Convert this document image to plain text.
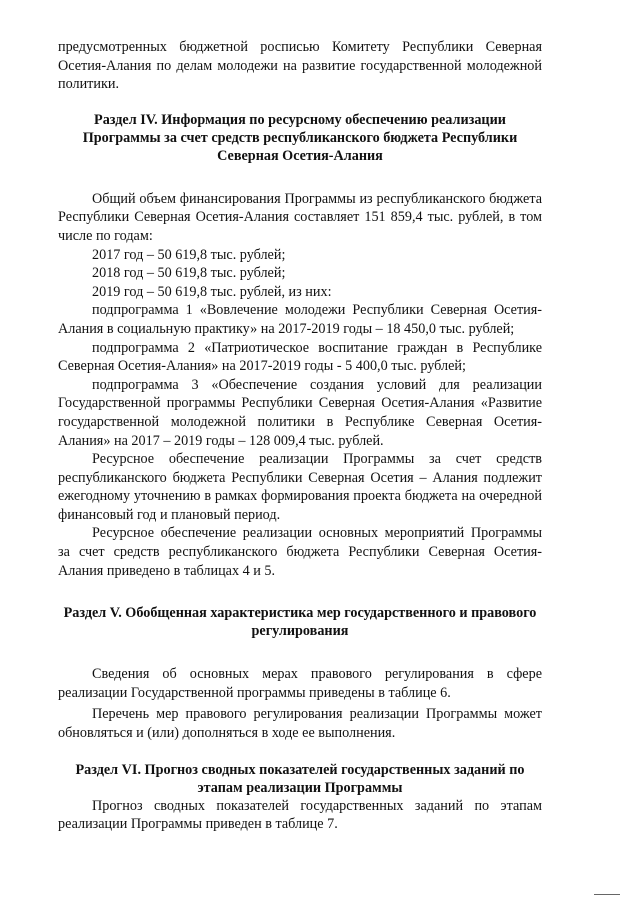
предусмотренных бюджетной росписью Комитету Республики Северная Осетия-Алания по делам молодежи на развитие государственной молодежной политики.

Раздел IV. Информация по ресурсному обеспечению реализации Программы за счет средств республиканского бюджета Республики Северная Осетия-Алания

Общий объем финансирования Программы из республиканского бюджета Республики Северная Осетия-Алания составляет 151 859,4 тыс. рублей, в том числе по годам:

2017 год – 50 619,8 тыс. рублей;

2018 год – 50 619,8 тыс. рублей;

2019 год – 50 619,8 тыс. рублей, из них:

подпрограмма 1 «Вовлечение молодежи Республики Северная Осетия-Алания в социальную практику» на 2017-2019 годы – 18 450,0 тыс. рублей;

подпрограмма 2 «Патриотическое воспитание граждан в Республике Северная Осетия-Алания» на 2017-2019 годы - 5 400,0 тыс. рублей;

подпрограмма 3 «Обеспечение создания условий для реализации Государственной программы Республики Северная Осетия-Алания «Развитие государственной молодежной политики в Республике Северная Осетия-Алания» на 2017 – 2019 годы – 128 009,4 тыс. рублей.

Ресурсное обеспечение реализации Программы за счет средств республиканского бюджета Республики Северная Осетия – Алания подлежит ежегодному уточнению в рамках формирования проекта бюджета на очередной финансовый год и плановый период.

Ресурсное обеспечение реализации основных мероприятий Программы за счет средств республиканского бюджета Республики Северная Осетия-Алания приведено в таблицах 4 и 5.

Раздел V. Обобщенная характеристика мер государственного и правового регулирования

Сведения об основных мерах правового регулирования в сфере реализации Государственной программы приведены в таблице 6.

Перечень мер правового регулирования реализации Программы может обновляться и (или) дополняться в ходе ее выполнения.

Раздел VI. Прогноз сводных показателей государственных заданий по этапам реализации Программы

Прогноз сводных показателей государственных заданий по этапам реализации Программы приведен в таблице 7.
